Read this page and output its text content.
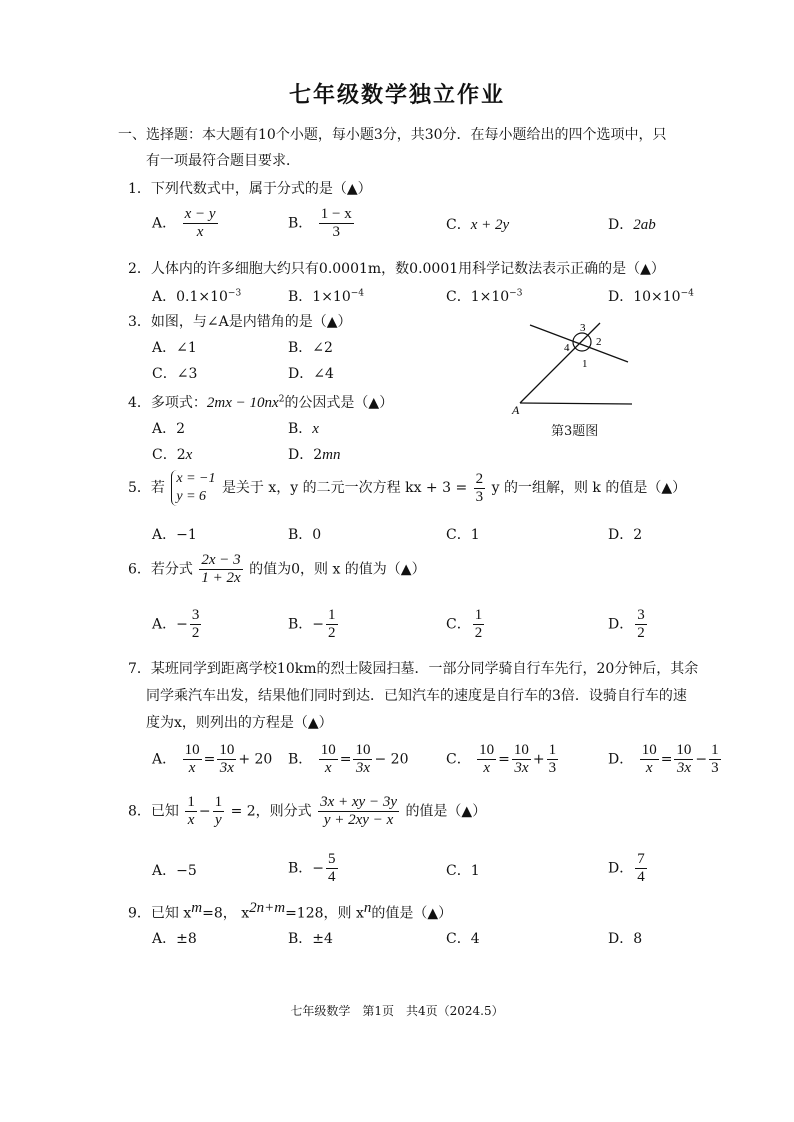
七年级数学独立作业
一、选择题：本大题有10个小题，每小题3分，共30分．在每小题给出的四个选项中，只
有一项最符合题目要求．
1．下列代数式中，属于分式的是（▲）
A． $\frac{x - y}{x}$	B． $\frac{1 - x}{3}$	C．x + 2y	D．2ab
2．人体内的许多细胞大约只有0.0001m，数0.0001用科学记数法表示正确的是（▲）
A．$0.1\times 10^{-3}$	B．$1\times 10^{-4}$	C．$1\times 10^{-3}$	D．$10\times 10^{-4}$
3．如图，与∠A是内错角的是（▲）
A．∠1	B．∠2
C．∠3	D．∠4
3
2
4
1
A
第3题图
4．多项式：$2mx - 10nx^2$的公因式是（▲）
A．2	B．x
C．2x	D．2mn
5．若
x = −1
y = 6
是关于 x，y 的二元一次方程 kx + $3 = \frac{2}{3}$ y 的一组解，则 k 的值是（▲）
A．−1	B．0	C．1	D．2
6．若分式 $\frac{2x - 3}{1 + 2x}$ 的值为0，则 x 的值为（▲）
A．− $\frac{3}{2}$	B．− $\frac{1}{2}$	C． $\frac{1}{2}$	D． $\frac{3}{2}$
7．某班同学到距离学校10km的烈士陵园扫墓．一部分同学骑自行车先行，20分钟后，其余
同学乘汽车出发，结果他们同时到达．已知汽车的速度是自行车的3倍．设骑自行车的速
度为x，则列出的方程是（▲）
A． $\frac{10}{x} = \frac{10}{3x} + 20$ B． $\frac{10}{x} = \frac{10}{3x} - 20$	C． $\frac{10}{x} = \frac{10}{3x} + \frac{1}{3}$	D． $\frac{10}{x} = \frac{10}{3x} - \frac{1}{3}$
8．已知 $\frac{1}{x} - \frac{1}{y} = 2$，则分式 $\frac{3x + xy - 3y}{y + 2xy - x}$ 的值是（▲）
A．−5	B．− $\frac{5}{4}$	C．1	D． $\frac{7}{4}$
9．已知 $x^m=8$， $x^{2n+m}=128$，则 $x^n$的值是（▲）
A．±8	B．±4	C．4	D．8
七年级数学　第1页　共4页（2024.5）
